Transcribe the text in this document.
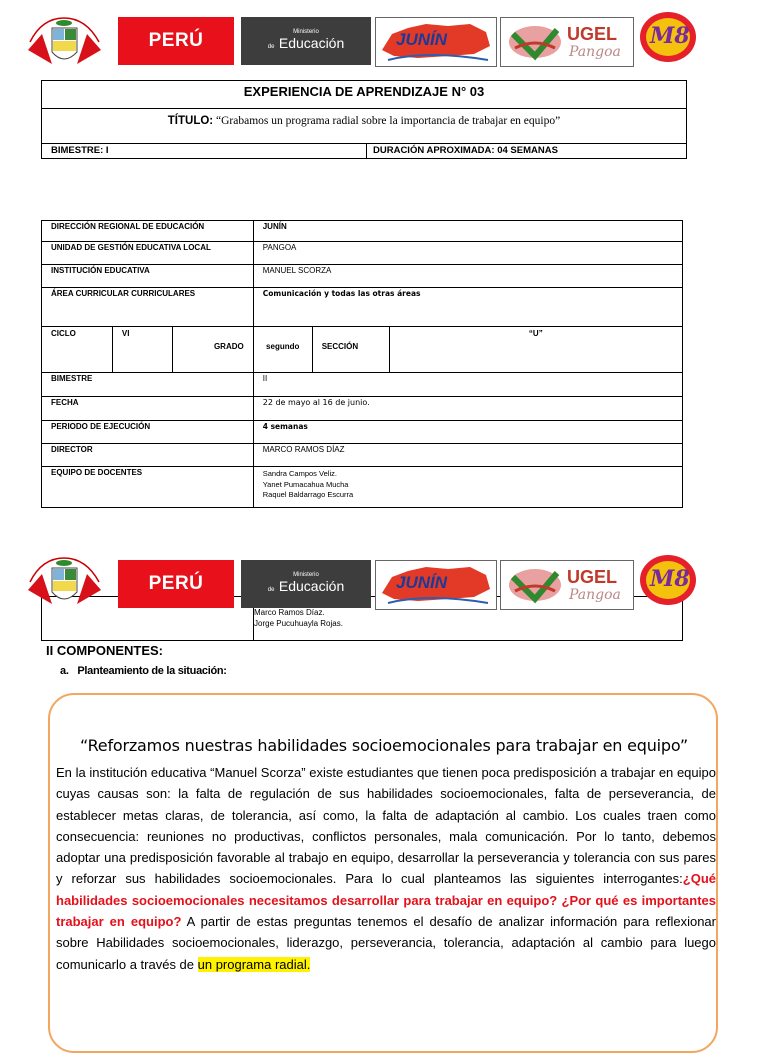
PERÚ	Ministerio
de Educación	JUNÍN	UGEL
Pangoa
M8
EXPERIENCIA DE APRENDIZAJE N° 03
TÍTULO: “Grabamos un programa radial sobre la importancia de trabajar en equipo”
BIMESTRE: I	DURACIÓN APROXIMADA: 04 SEMANAS
DIRECCIÓN REGIONAL DE EDUCACIÓN			JUNÍN		
UNIDAD DE GESTIÓN EDUCATIVA LOCAL			PANGOA		
INSTITUCIÓN EDUCATIVA			MANUEL SCORZA		
ÁREA CURRICULAR CURRICULARES			Comunicación y todas las otras áreas		
CICLO	VI	GRADO	segundo	SECCIÓN	“U”
BIMESTRE			II		
FECHA			22 de mayo al 16 de junio.		
PERIODO DE EJECUCIÓN			4 semanas		
DIRECTOR			MARCO RAMOS DÍAZ		
EQUIPO DE DOCENTES			Sandra Campos Veliz.
Yanet Pumacahua Mucha
Raquel Baldarrago Escurra		
Marco Ramos Díaz.
Jorge Pucuhuayla Rojas.
PERÚ	Ministerio
de Educación	JUNÍN	UGEL
Pangoa
M8
II COMPONENTES:
a. Planteamiento de la situación:
“Reforzamos nuestras habilidades socioemocionales para trabajar en equipo”
En la institución educativa “Manuel Scorza” existe estudiantes que tienen poca predisposición a trabajar en equipo cuyas causas son: la falta de regulación de sus habilidades socioemocionales, falta de perseverancia, de establecer metas claras, de tolerancia, así como, la falta de adaptación al cambio. Los cuales traen como consecuencia: reuniones no productivas, conflictos personales, mala comunicación. Por lo tanto, debemos adoptar una predisposición favorable al trabajo en equipo, desarrollar la perseverancia y tolerancia con sus pares y reforzar sus habilidades socioemocionales. Para lo cual planteamos las siguientes interrogantes:¿Qué habilidades socioemocionales necesitamos desarrollar para trabajar en equipo? ¿Por qué es importantes trabajar en equipo? A partir de estas preguntas tenemos el desafío de analizar información para reflexionar sobre Habilidades socioemocionales, liderazgo, perseverancia, tolerancia, adaptación al cambio para luego comunicarlo a través de un programa radial.
